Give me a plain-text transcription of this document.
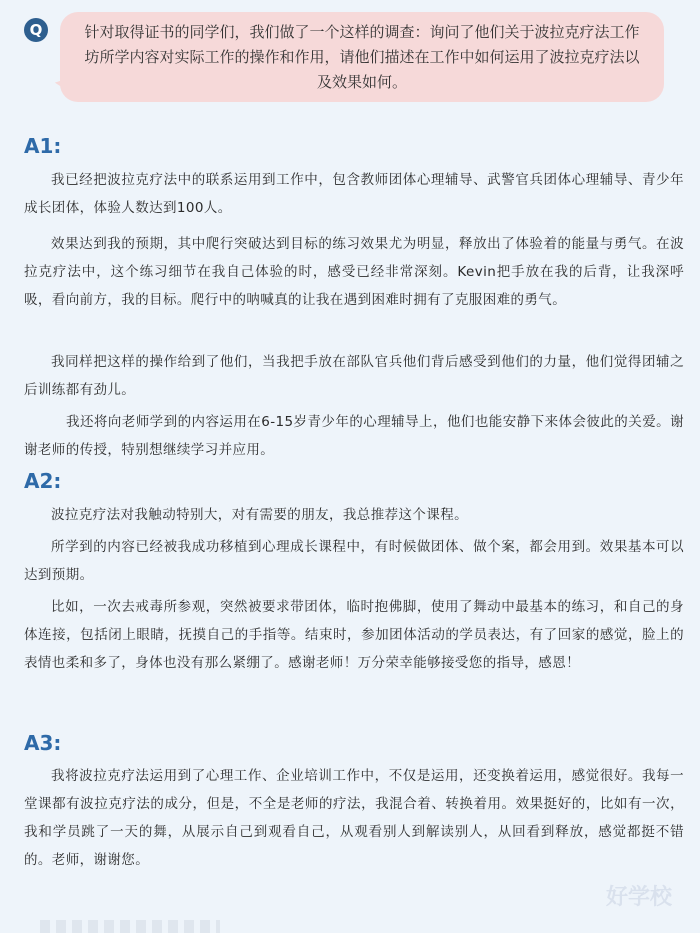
Q	针对取得证书的同学们，我们做了一个这样的调查：询问了他们关于波拉克疗法工作坊所学内容对实际工作的操作和作用，请他们描述在工作中如何运用了波拉克疗法以及效果如何。
A1:
我已经把波拉克疗法中的联系运用到工作中，包含教师团体心理辅导、武警官兵团体心理辅导、青少年成长团体，体验人数达到100人。
效果达到我的预期，其中爬行突破达到目标的练习效果尤为明显，释放出了体验着的能量与勇气。在波拉克疗法中，这个练习细节在我自己体验的时，感受已经非常深刻。Kevin把手放在我的后背，让我深呼吸，看向前方，我的目标。爬行中的呐喊真的让我在遇到困难时拥有了克服困难的勇气。
我同样把这样的操作给到了他们，当我把手放在部队官兵他们背后感受到他们的力量，他们觉得团辅之后训练都有劲儿。
我还将向老师学到的内容运用在6-15岁青少年的心理辅导上，他们也能安静下来体会彼此的关爱。谢谢老师的传授，特别想继续学习并应用。
A2:
波拉克疗法对我触动特别大，对有需要的朋友，我总推荐这个课程。
所学到的内容已经被我成功移植到心理成长课程中，有时候做团体、做个案，都会用到。效果基本可以达到预期。
比如，一次去戒毒所参观，突然被要求带团体，临时抱佛脚，使用了舞动中最基本的练习，和自己的身体连接，包括闭上眼睛，抚摸自己的手指等。结束时，参加团体活动的学员表达，有了回家的感觉，脸上的表情也柔和多了，身体也没有那么紧绷了。感谢老师！万分荣幸能够接受您的指导，感恩！
A3:
我将波拉克疗法运用到了心理工作、企业培训工作中，不仅是运用，还变换着运用，感觉很好。我每一堂课都有波拉克疗法的成分，但是，不全是老师的疗法，我混合着、转换着用。效果挺好的，比如有一次，我和学员跳了一天的舞，从展示自己到观看自己，从观看别人到解读别人，从回看到释放，感觉都挺不错的。老师，谢谢您。
好学校
